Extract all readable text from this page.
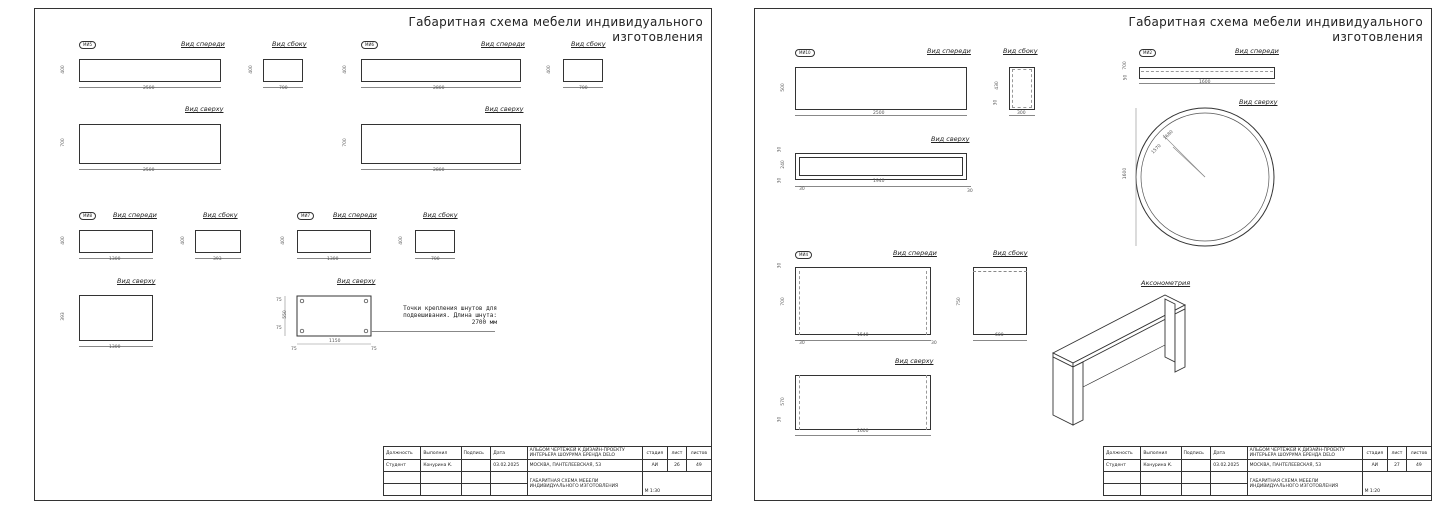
Габаритная схема мебели индивидуального изготовления
МИ5	Вид спереди
400
2500
Вид сбоку
400
700
Вид сверху
700
2500
МИ6	Вид спереди
400
2800
Вид сбоку
400
700
Вид сверху
700
2800
МИ8	Вид спереди
400
1300
Вид сбоку
400
393
Вид сверху
393
1300
МИ7	Вид спереди
400
1300
Вид сбоку
400
700
Вид сверху
1150
550
75	75
75
75
Точки крепления шнутов для
подвешивания. Длина шнута:
2700 мм
Должность	Выполнил	Подпись	Дата	АЛЬБОМ ЧЕРТЕЖЕЙ К ДИЗАЙН-ПРОЕКТУ ИНТЕРЬЕРА ШОУРУМА БРЕНДА DELO	стадия	лист	листов
Студент	Конурина К.		03.02.2025	МОСКВА, ПАНТЕЛЕЕВСКАЯ, 53	АИ	26	49
				ГАБАРИТНАЯ СХЕМА МЕБЕЛИ ИНДИВИДУАЛЬНОГО ИЗГОТОВЛЕНИЯ	М 1:30		

Габаритная схема мебели индивидуального изготовления
МИ10	Вид спереди
500
2500
Вид сбоку
430
30
300
Вид сверху
30
240
30	1940
30	30
МИ2	Вид спереди
700
50
1600
Вид сверху
1600
1680
1570
МИ4	Вид спереди
30
700
1540
30	30
Вид сбоку
750
600
Вид сверху
570
30
1600
Аксонометрия
Должность	Выполнил	Подпись	Дата	АЛЬБОМ ЧЕРТЕЖЕЙ К ДИЗАЙН-ПРОЕКТУ ИНТЕРЬЕРА ШОУРУМА БРЕНДА DELO	стадия	лист	листов
Студент	Конурина К.		03.02.2025	МОСКВА, ПАНТЕЛЕЕВСКАЯ, 53	АИ	27	49
				ГАБАРИТНАЯ СХЕМА МЕБЕЛИ ИНДИВИДУАЛЬНОГО ИЗГОТОВЛЕНИЯ	М 1:20		
